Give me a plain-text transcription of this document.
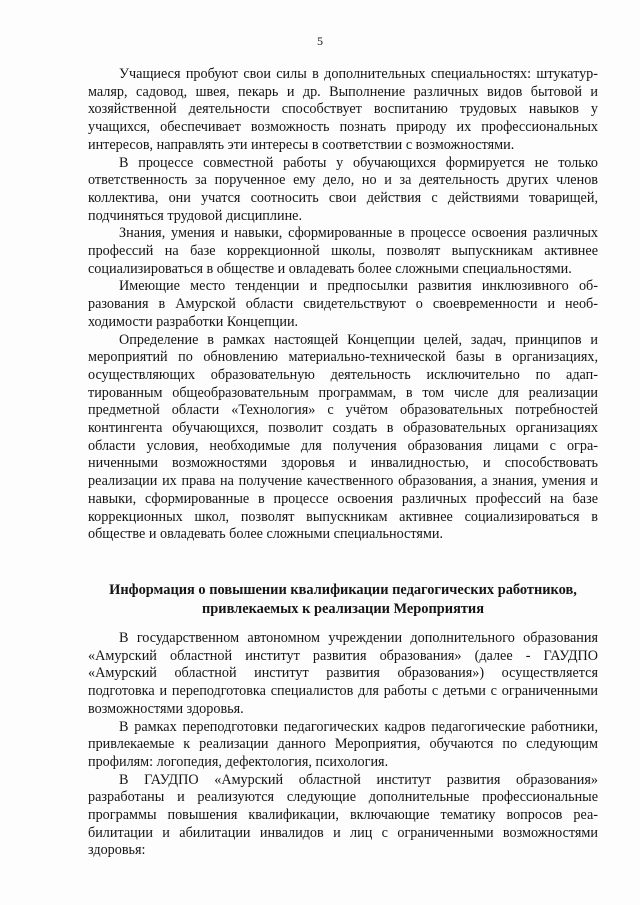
5

Учащиеся пробуют свои силы в дополнительных специальностях: штукатур-маляр, садовод, швея, пекарь и др. Выполнение различных видов бытовой и хозяйственной деятельности способствует воспитанию трудовых навыков у учащихся, обеспечивает возможность познать природу их профессиональных интересов, направлять эти интересы в соответствии с возможностями.

В процессе совместной работы у обучающихся формируется не только ответственность за порученное ему дело, но и за деятельность других членов коллектива, они учатся соотносить свои действия с действиями товарищей, подчиняться трудовой дисциплине.

Знания, умения и навыки, сформированные в процессе освоения различных профессий на базе коррекционной школы, позволят выпускникам активнее социализироваться в обществе и овладевать более сложными специальностями.

Имеющие место тенденции и предпосылки развития инклюзивного образования в Амурской области свидетельствуют о своевременности и необходимости разработки Концепции.

Определение в рамках настоящей Концепции целей, задач, принципов и мероприятий по обновлению материально-технической базы в организациях, осуществляющих образовательную деятельность исключительно по адаптированным общеобразовательным программам, в том числе для реализации предметной области «Технология» с учётом образовательных потребностей контингента обучающихся, позволит создать в образовательных организациях области условия, необходимые для получения образования лицами с ограниченными возможностями здоровья и инвалидностью, и способствовать реализации их права на получение качественного образования, а знания, умения и навыки, сформированные в процессе освоения различных профессий на базе коррекционных школ, позволят выпускникам активнее социализироваться в обществе и овладевать более сложными специальностями.

Информация о повышении квалификации педагогических работников, привлекаемых к реализации Мероприятия

В государственном автономном учреждении дополнительного образования «Амурский областной институт развития образования» (далее - ГАУДПО «Амурский областной институт развития образования») осуществляется подготовка и переподготовка специалистов для работы с детьми с ограниченными возможностями здоровья.

В рамках переподготовки педагогических кадров педагогические работники, привлекаемые к реализации данного Мероприятия, обучаются по следующим профилям: логопедия, дефектология, психология.

В ГАУДПО «Амурский областной институт развития образования» разработаны и реализуются следующие дополнительные профессиональные программы повышения квалификации, включающие тематику вопросов реабилитации и абилитации инвалидов и лиц с ограниченными возможностями здоровья:
